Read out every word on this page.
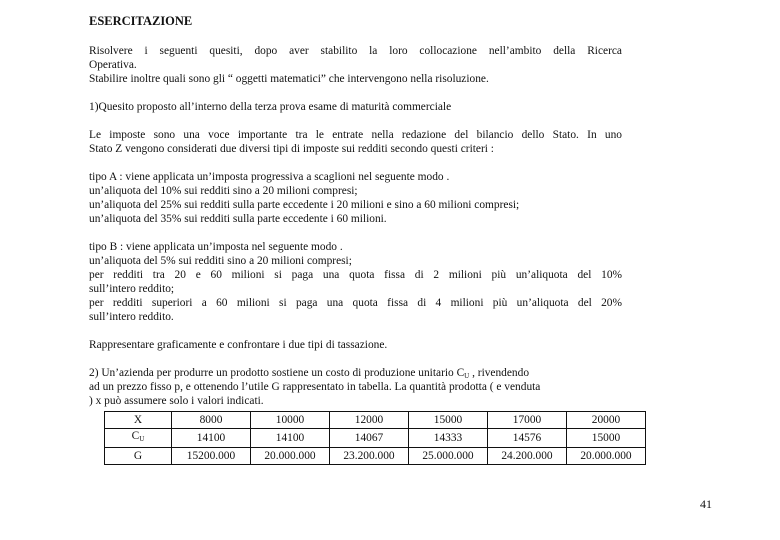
ESERCITAZIONE

Risolvere i seguenti quesiti, dopo aver stabilito la loro collocazione nell’ambito della Ricerca

Operativa.

Stabilire inoltre quali sono gli “ oggetti matematici” che intervengono nella risoluzione.

1)Quesito proposto all’interno della terza prova esame di maturità commerciale

Le imposte sono una voce importante tra le entrate nella redazione del bilancio dello Stato. In uno

Stato Z vengono considerati due diversi tipi di imposte sui redditi secondo questi criteri :

tipo A : viene applicata un’imposta progressiva a scaglioni nel seguente modo .

un’aliquota del 10% sui redditi sino a 20 milioni compresi;

un’aliquota del 25% sui redditi sulla parte eccedente i 20 milioni e sino a 60 milioni compresi;

un’aliquota del 35% sui redditi sulla parte eccedente i 60 milioni.

tipo B : viene applicata un’imposta nel seguente modo .

un’aliquota del 5% sui redditi sino a 20 milioni compresi;

per redditi tra 20 e 60 milioni si paga una quota fissa di 2 milioni più un’aliquota del 10%

sull’intero reddito;

per redditi superiori a 60 milioni si paga una quota fissa di 4 milioni più un’aliquota del 20%

sull’intero reddito.

Rappresentare graficamente e confrontare i due tipi di tassazione.

2) Un’azienda per produrre un prodotto sostiene un costo di produzione unitario $C_U$ , rivendendo

ad un prezzo fisso p, e ottenendo l’utile G rappresentato in tabella. La quantità prodotta ( e venduta

) x può assumere solo i valori indicati.

X	8000	10000	12000	15000	17000	20000
$C_U$	14100	14100	14067	14333	14576	15000
G	15200.000	20.000.000	23.200.000	25.000.000	24.200.000	20.000.000
41
